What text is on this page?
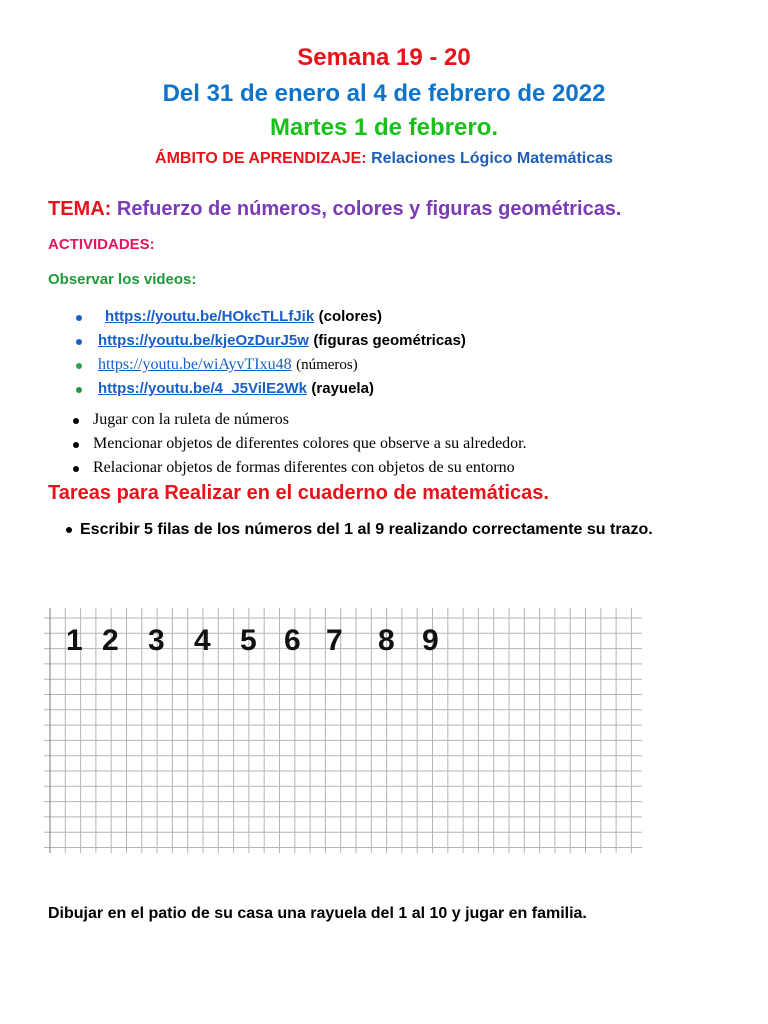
Semana 19 - 20
Del 31 de enero al 4 de febrero de 2022
Martes 1 de febrero.
ÁMBITO DE APRENDIZAJE: Relaciones Lógico Matemáticas
TEMA: Refuerzo de números, colores y figuras geométricas.
ACTIVIDADES:
Observar los videos:
https://youtu.be/HOkcTLLfJik (colores)
https://youtu.be/kjeOzDurJ5w (figuras geométricas)
https://youtu.be/wiAyvTIxu48 (números)
https://youtu.be/4_J5VilE2Wk (rayuela)
Jugar con la ruleta de números
Mencionar objetos de diferentes colores que observe a su alrededor.
Relacionar objetos de formas diferentes con objetos de su entorno
Tareas para Realizar en el cuaderno de matemáticas.
Escribir 5 filas de los números del 1 al 9 realizando correctamente su trazo.
1 2 3 4 5 6 7 8 9
Dibujar en el patio de su casa una rayuela del 1 al 10 y jugar en familia.
